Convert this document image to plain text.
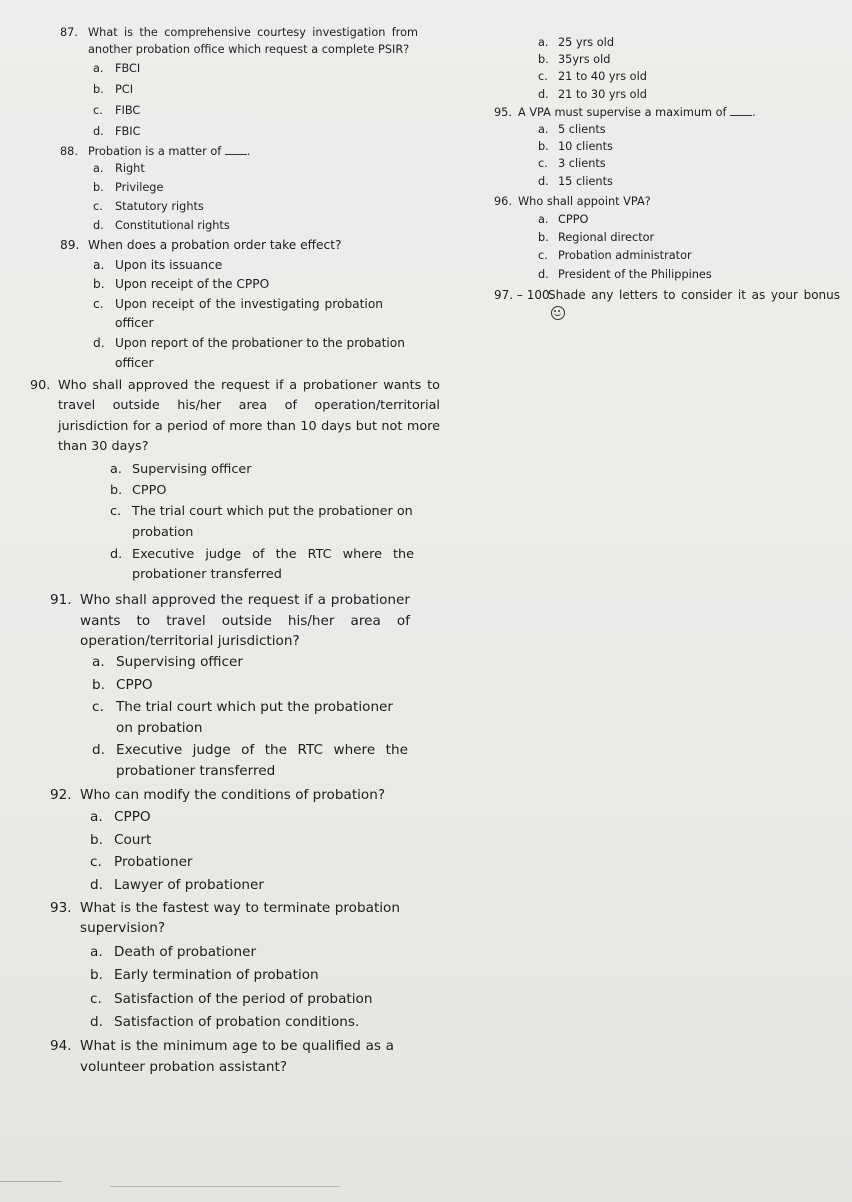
87. What is the comprehensive courtesy investigation from another probation office which request a complete PSIR?
a. FBCI
b. PCI
c. FIBC
d. FBIC
88. Probation is a matter of .
a. Right
b. Privilege
c. Statutory rights
d. Constitutional rights
89. When does a probation order take effect?
a. Upon its issuance
b. Upon receipt of the CPPO
c. Upon receipt of the investigating probation officer
d. Upon report of the probationer to the probation officer
90. Who shall approved the request if a probationer wants to travel outside his/her area of operation/territorial jurisdiction for a period of more than 10 days but not more than 30 days?
a. Supervising officer
b. CPPO
c. The trial court which put the probationer on probation
d. Executive judge of the RTC where the probationer transferred
91. Who shall approved the request if a probationer wants to travel outside his/her area of operation/territorial jurisdiction?
a. Supervising officer
b. CPPO
c. The trial court which put the probationer on probation
d. Executive judge of the RTC where the probationer transferred
92. Who can modify the conditions of probation?
a. CPPO
b. Court
c. Probationer
d. Lawyer of probationer
93. What is the fastest way to terminate probation supervision?
a. Death of probationer
b. Early termination of probation
c. Satisfaction of the period of probation
d. Satisfaction of probation conditions.
94. What is the minimum age to be qualified as a volunteer probation assistant?
a. 25 yrs old
b. 35yrs old
c. 21 to 40 yrs old
d. 21 to 30 yrs old
95. A VPA must supervise a maximum of .
a. 5 clients
b. 10 clients
c. 3 clients
d. 15 clients
96. Who shall appoint VPA?
a. CPPO
b. Regional director
c. Probation administrator
d. President of the Philippines
97. – 100.
Shade any letters to consider it as your bonus
